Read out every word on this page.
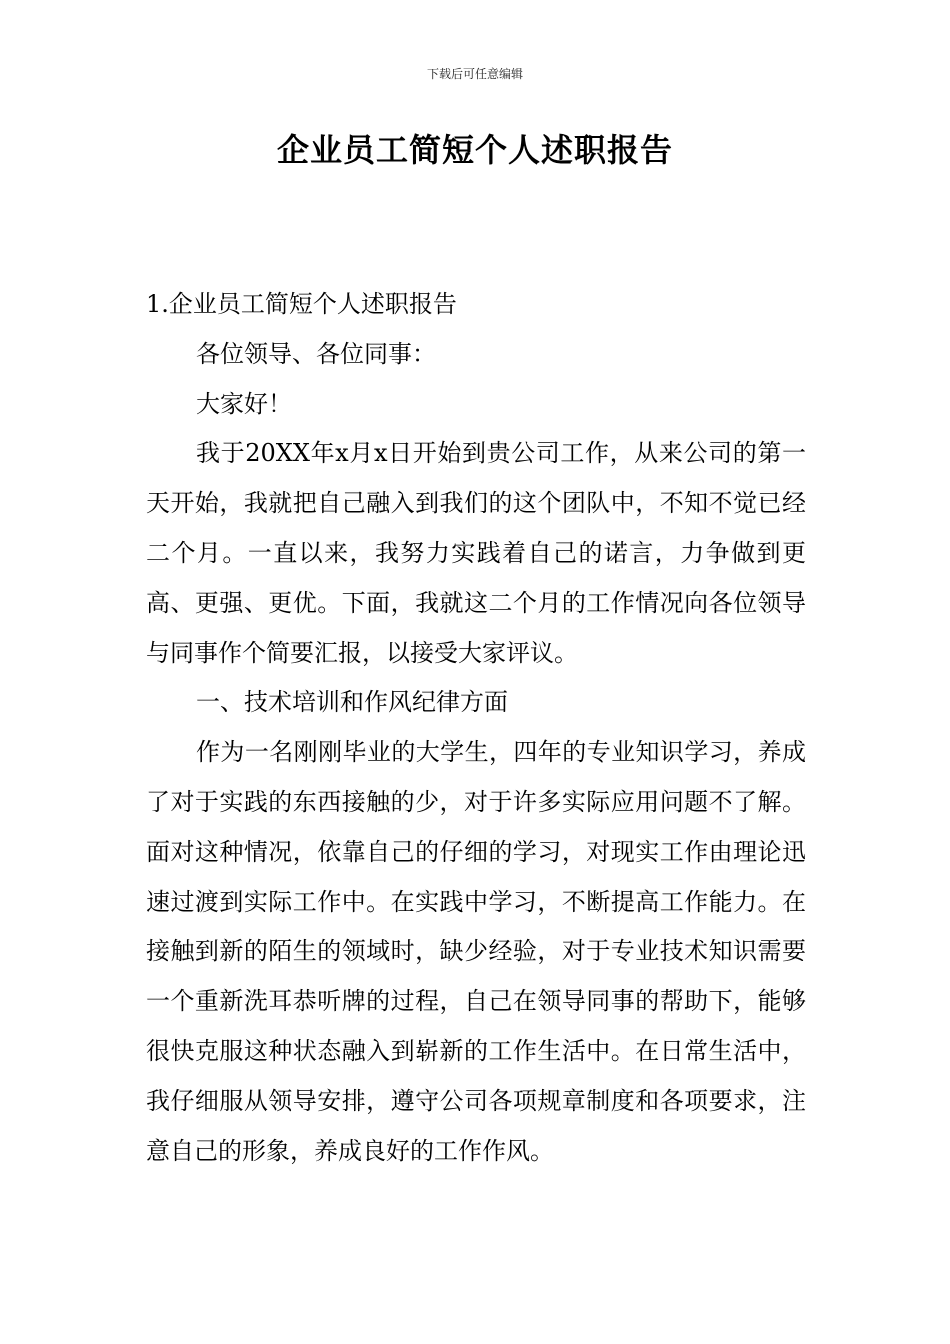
下载后可任意编辑
企业员工简短个人述职报告

1.企业员工简短个人述职报告

各位领导、各位同事：

大家好！

我于20XX年x月x日开始到贵公司工作，从来公司的第一天开始，我就把自己融入到我们的这个团队中，不知不觉已经二个月。一直以来，我努力实践着自己的诺言，力争做到更高、更强、更优。下面，我就这二个月的工作情况向各位领导与同事作个简要汇报，以接受大家评议。

一、技术培训和作风纪律方面

作为一名刚刚毕业的大学生，四年的专业知识学习，养成了对于实践的东西接触的少，对于许多实际应用问题不了解。面对这种情况，依靠自己的仔细的学习，对现实工作由理论迅速过渡到实际工作中。在实践中学习，不断提高工作能力。在接触到新的陌生的领域时，缺少经验，对于专业技术知识需要一个重新洗耳恭听牌的过程，自己在领导同事的帮助下，能够很快克服这种状态融入到崭新的工作生活中。在日常生活中，我仔细服从领导安排，遵守公司各项规章制度和各项要求，注意自己的形象，养成良好的工作作风。
